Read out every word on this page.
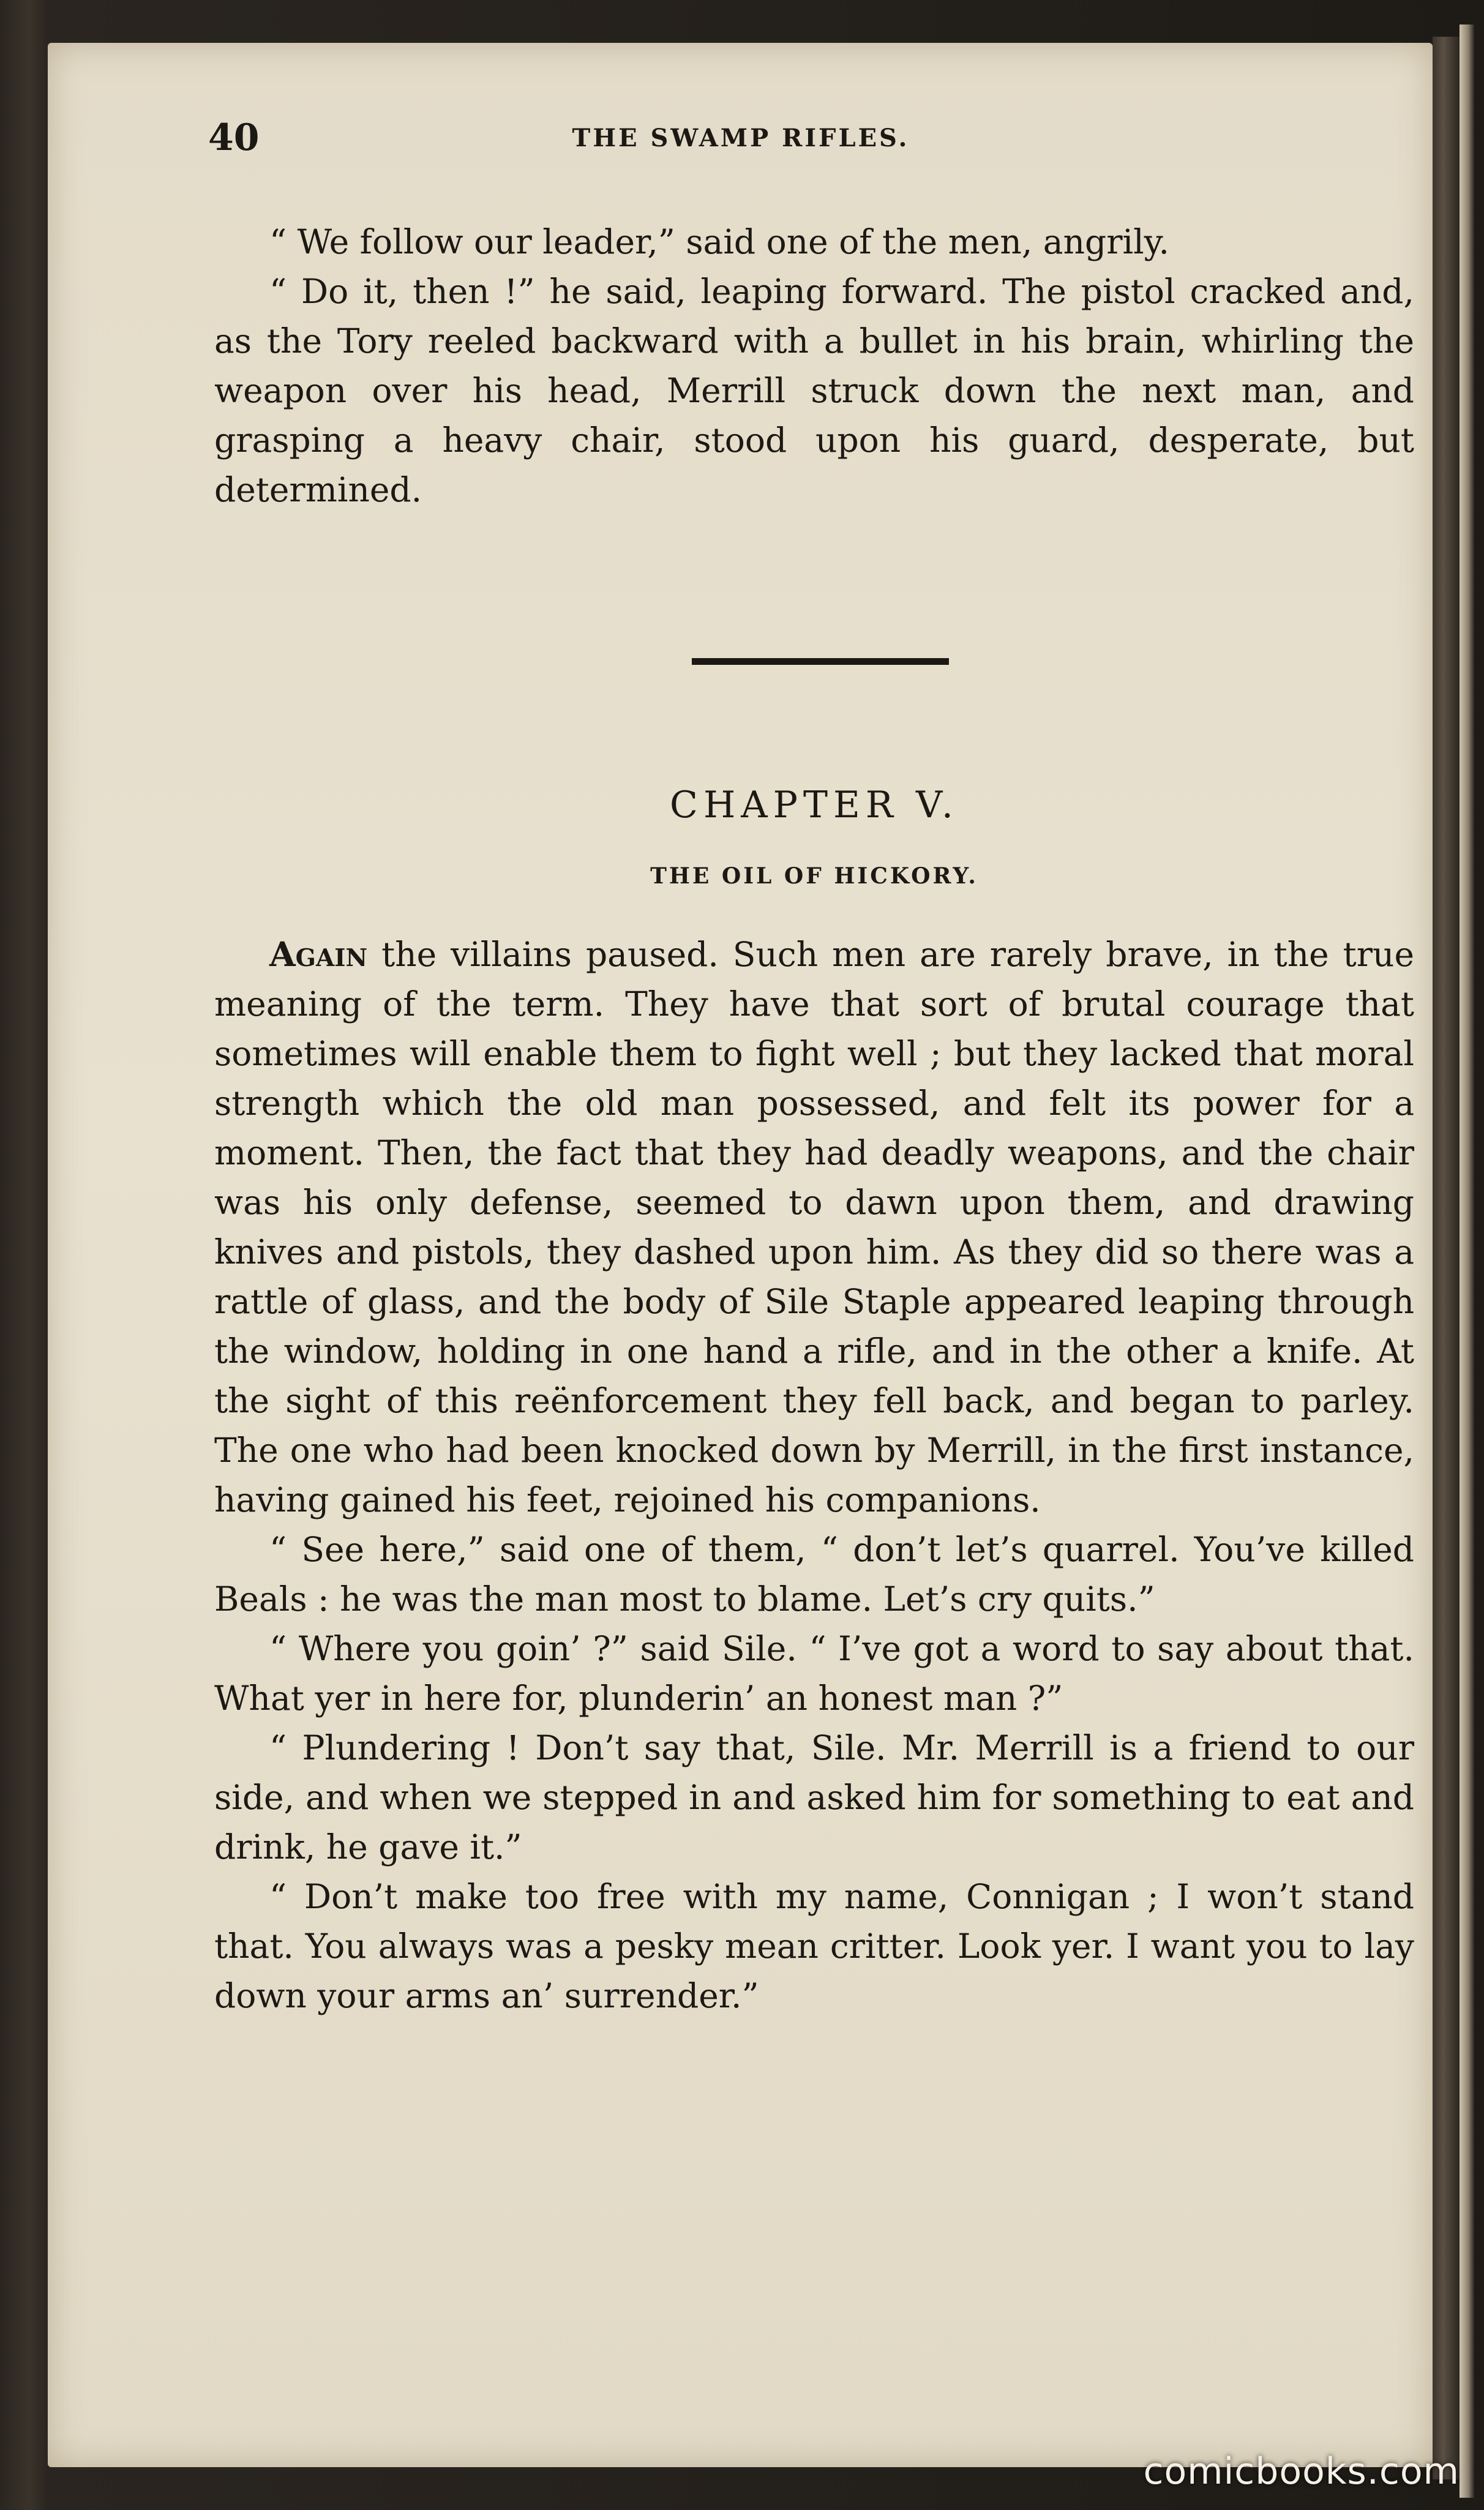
40	THE SWAMP RIFLES.

“ We follow our leader,” said one of the men, angrily.

“ Do it, then !” he said, leaping forward. The pistol cracked and, as the Tory reeled backward with a bullet in his brain, whirling the weapon over his head, Merrill struck down the next man, and grasping a heavy chair, stood upon his guard, desperate, but determined.

CHAPTER V.
THE OIL OF HICKORY.

Again the villains paused. Such men are rarely brave, in the true meaning of the term. They have that sort of brutal courage that sometimes will enable them to fight well ; but they lacked that moral strength which the old man possessed, and felt its power for a moment. Then, the fact that they had deadly weapons, and the chair was his only defense, seemed to dawn upon them, and drawing knives and pistols, they dashed upon him. As they did so there was a rattle of glass, and the body of Sile Staple appeared leaping through the window, holding in one hand a rifle, and in the other a knife. At the sight of this reënforcement they fell back, and began to parley. The one who had been knocked down by Merrill, in the first instance, having gained his feet, rejoined his companions.

“ See here,” said one of them, “ don’t let’s quarrel. You’ve killed Beals : he was the man most to blame. Let’s cry quits.”

“ Where you goin’ ?” said Sile. “ I’ve got a word to say about that. What yer in here for, plunderin’ an honest man ?”

“ Plundering ! Don’t say that, Sile. Mr. Merrill is a friend to our side, and when we stepped in and asked him for something to eat and drink, he gave it.”

“ Don’t make too free with my name, Connigan ; I won’t stand that. You always was a pesky mean critter. Look yer. I want you to lay down your arms an’ surrender.”

comicbooks.com
